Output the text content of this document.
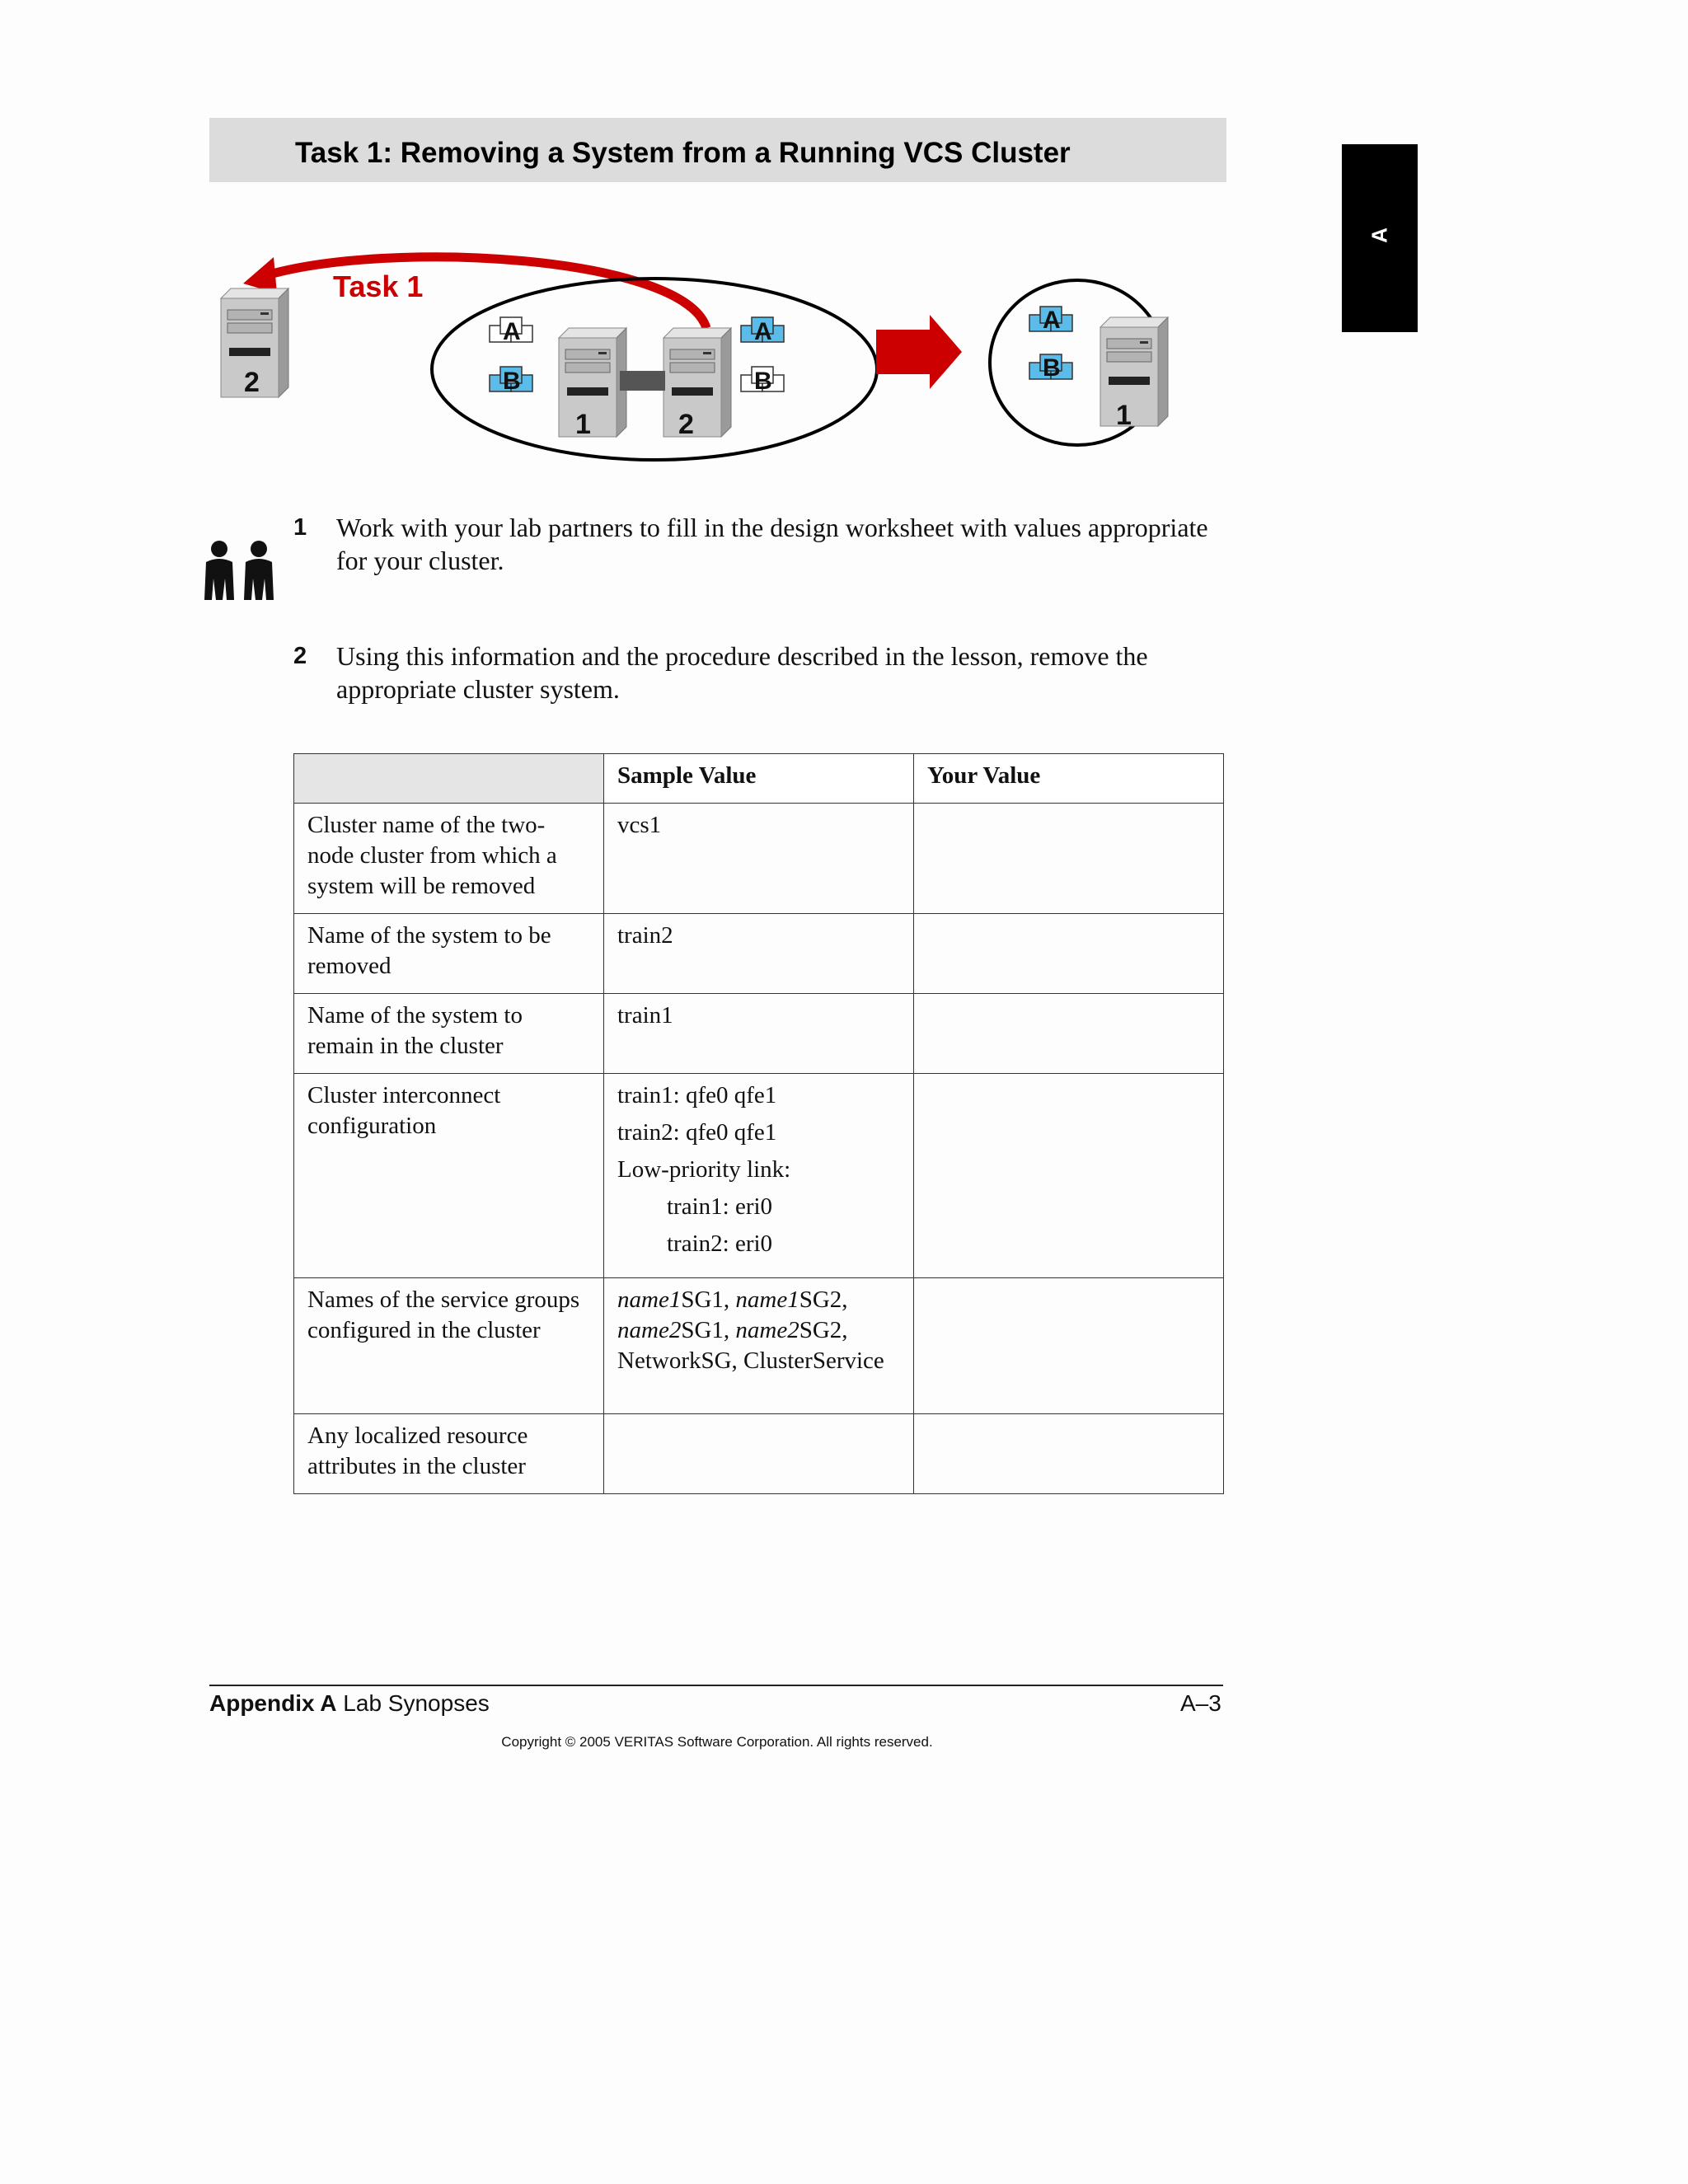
Task 1: Removing a System from a Running VCS Cluster
A
Task 1
2
1	2
A
B
A
B
1
A
B
1 Work with your lab partners to fill in the design worksheet with values appropriate for your cluster.
2 Using this information and the procedure described in the lesson, remove the appropriate cluster system.
	Sample Value	Your Value
Cluster name of the two-node cluster from which a system will be removed	vcs1	
Name of the system to be removed	train2	
Name of the system to remain in the cluster	train1	
Cluster interconnect configuration	train1: qfe0 qfe1
train2: qfe0 qfe1
Low-priority link:
train1: eri0
train2: eri0	

Names of the service groups configured in the cluster	name1SG1, name1SG2, name2SG1, name2SG2, NetworkSG, ClusterService	
Any localized resource attributes in the cluster		
Appendix A Lab Synopses	A–3
Copyright © 2005 VERITAS Software Corporation. All rights reserved.
